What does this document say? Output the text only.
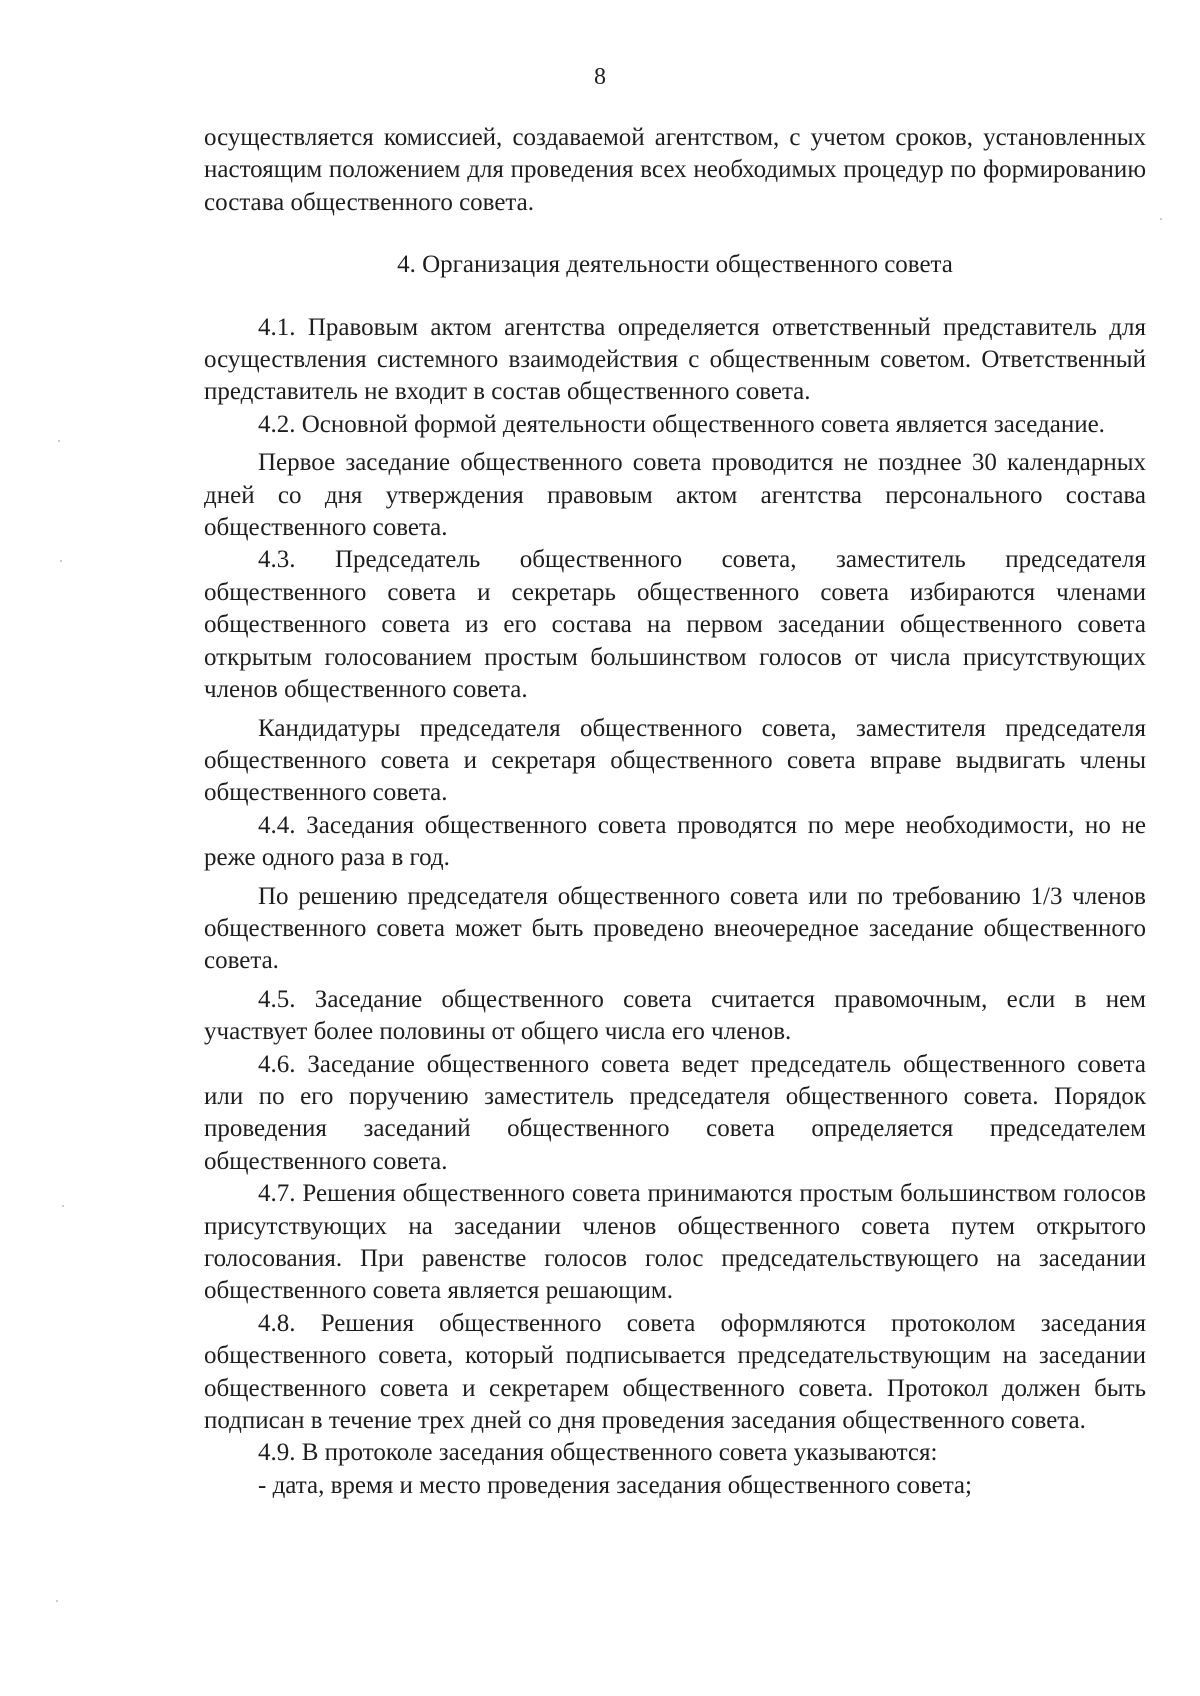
8

осуществляется комиссией, создаваемой агентством, с учетом сроков, установленных настоящим положением для проведения всех необходимых процедур по формированию состава общественного совета.

4. Организация деятельности общественного совета

4.1. Правовым актом агентства определяется ответственный представитель для осуществления системного взаимодействия с общественным советом. Ответственный представитель не входит в состав общественного совета.

4.2. Основной формой деятельности общественного совета является заседание.

Первое заседание общественного совета проводится не позднее 30 календарных дней со дня утверждения правовым актом агентства персонального состава общественного совета.

4.3. Председатель общественного совета, заместитель председателя общественного совета и секретарь общественного совета избираются членами общественного совета из его состава на первом заседании общественного совета открытым голосованием простым большинством голосов от числа присутствующих членов общественного совета.

Кандидатуры председателя общественного совета, заместителя председателя общественного совета и секретаря общественного совета вправе выдвигать члены общественного совета.

4.4. Заседания общественного совета проводятся по мере необходимости, но не реже одного раза в год.

По решению председателя общественного совета или по требованию 1/3 членов общественного совета может быть проведено внеочередное заседание общественного совета.

4.5. Заседание общественного совета считается правомочным, если в нем участвует более половины от общего числа его членов.

4.6. Заседание общественного совета ведет председатель общественного совета или по его поручению заместитель председателя общественного совета. Порядок проведения заседаний общественного совета определяется председателем общественного совета.

4.7. Решения общественного совета принимаются простым большинством голосов присутствующих на заседании членов общественного совета путем открытого голосования. При равенстве голосов голос председательствующего на заседании общественного совета является решающим.

4.8. Решения общественного совета оформляются протоколом заседания общественного совета, который подписывается председательствующим на заседании общественного совета и секретарем общественного совета. Протокол должен быть подписан в течение трех дней со дня проведения заседания общественного совета.

4.9. В протоколе заседания общественного совета указываются:

- дата, время и место проведения заседания общественного совета;
